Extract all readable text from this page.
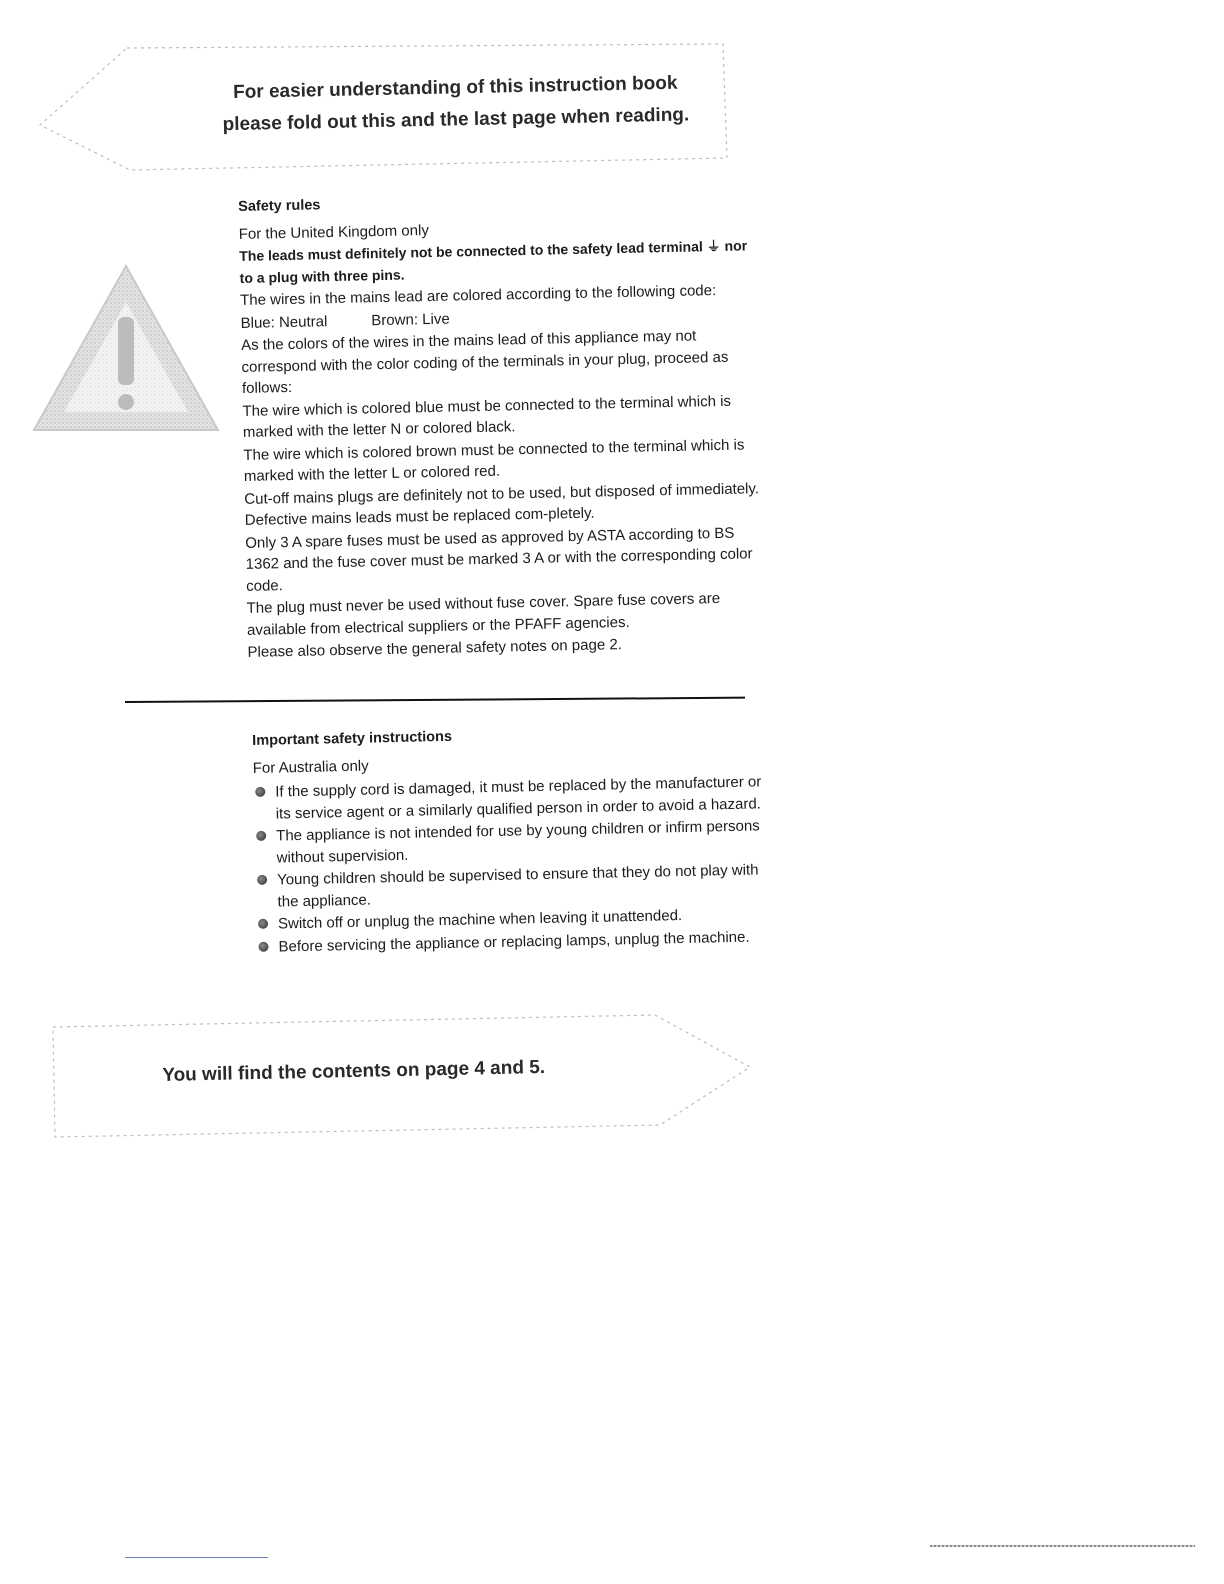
For easier understanding of this instruction book
please fold out this and the last page when reading.
Safety rules
For the United Kingdom only
The leads must definitely not be connected to the safety lead terminal ⏚ nor to a plug with three pins.
The wires in the mains lead are colored according to the following code:
Blue: Neutral	Brown: Live
As the colors of the wires in the mains lead of this appliance may not correspond with the color coding of the terminals in your plug, proceed as follows:
The wire which is colored blue must be connected to the terminal which is marked with the letter N or colored black.
The wire which is colored brown must be connected to the terminal which is marked with the letter L or colored red.
Cut-off mains plugs are definitely not to be used, but disposed of immediately. Defective mains leads must be replaced com-pletely.
Only 3 A spare fuses must be used as approved by ASTA according to BS 1362 and the fuse cover must be marked 3 A or with the corresponding color code.
The plug must never be used without fuse cover. Spare fuse covers are available from electrical suppliers or the PFAFF agencies.
Please also observe the general safety notes on page 2.
Important safety instructions
For Australia only
If the supply cord is damaged, it must be replaced by the manufacturer or its service agent or a similarly qualified person in order to avoid a hazard.
The appliance is not intended for use by young children or infirm persons without supervision.
Young children should be supervised to ensure that they do not play with the appliance.
Switch off or unplug the machine when leaving it unattended.
Before servicing the appliance or replacing lamps, unplug the machine.
You will find the contents on page 4 and 5.
